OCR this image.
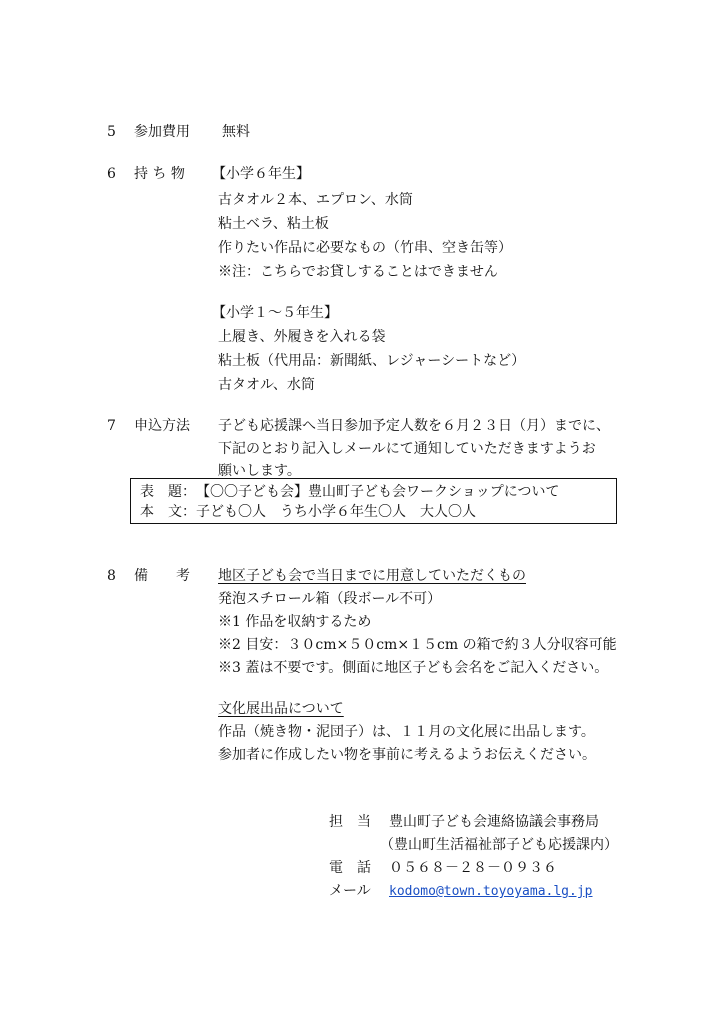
5 参加費用 無料
6 持 ち 物 【小学６年生】
古タオル２本、エプロン、水筒
粘土ベラ、粘土板
作りたい作品に必要なもの（竹串、空き缶等）
※注：こちらでお貸しすることはできません
【小学１～５年生】
上履き、外履きを入れる袋
粘土板（代用品：新聞紙、レジャーシートなど）
古タオル、水筒
7 申込方法 子ども応援課へ当日参加予定人数を６月２３日（月）までに、
下記のとおり記入しメールにて通知していただきますようお
願いします。
表　題： 【〇〇子ども会】豊山町子ども会ワークショップについて
本　文： 子ども〇人　うち小学６年生〇人　大人〇人
8 備　　考 地区子ども会で当日までに用意していただくもの
発泡スチロール箱（段ボール不可）
※1 作品を収納するため
※2 目安：３０cm×５０cm×１５cm の箱で約３人分収容可能
※3 蓋は不要です。側面に地区子ども会名をご記入ください。
文化展出品について
作品（焼き物・泥団子）は、１１月の文化展に出品します。
参加者に作成したい物を事前に考えるようお伝えください。
担　当 豊山町子ども会連絡協議会事務局
（豊山町生活福祉部子ども応援課内）
電　話 ０５６８－２８－０９３６
メール kodomo@town.toyoyama.lg.jp
